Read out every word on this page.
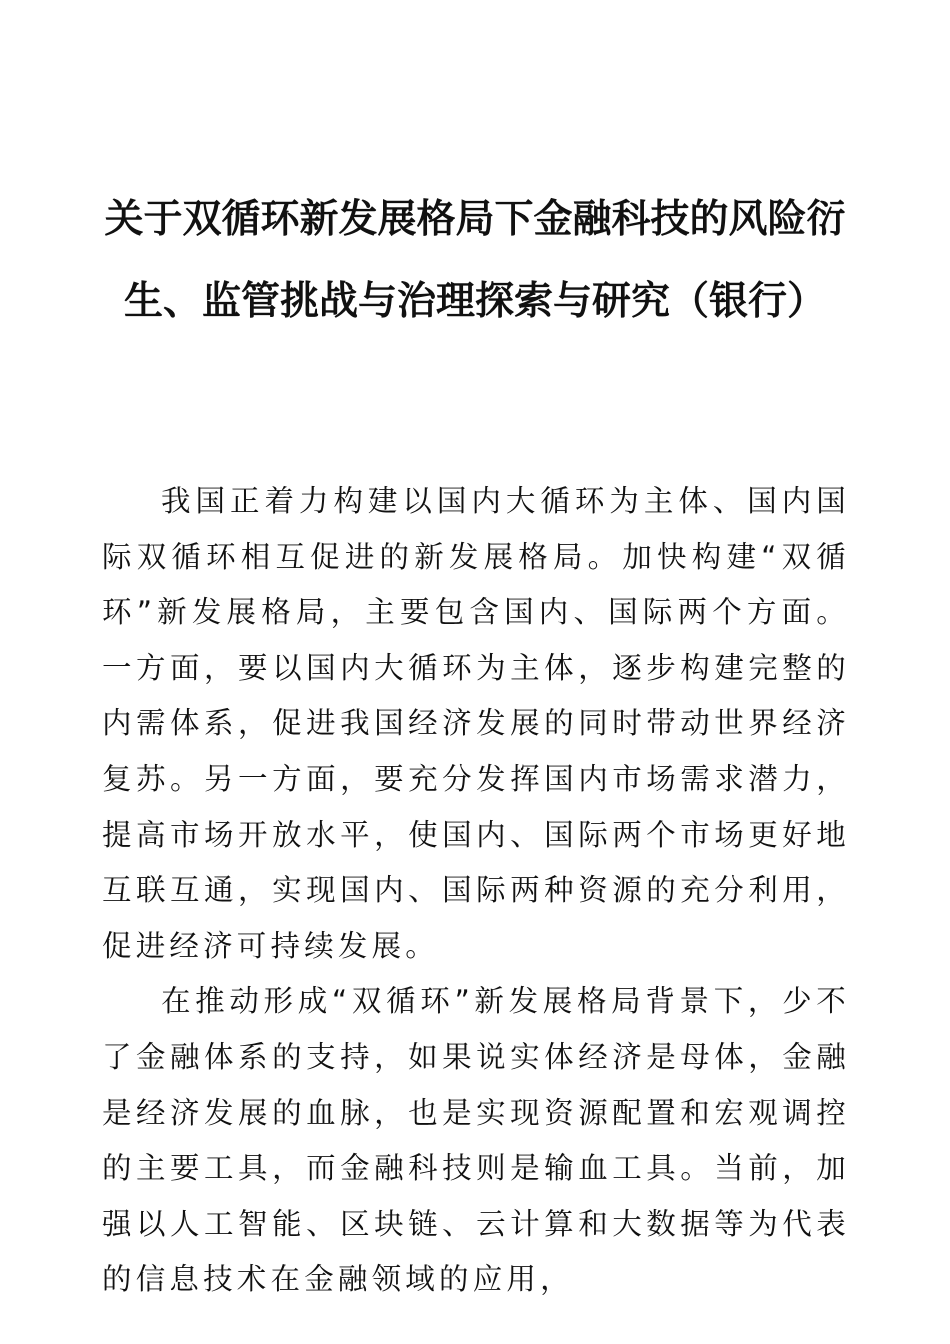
关于双循环新发展格局下金融科技的风险衍生、监管挑战与治理探索与研究（银行）

我国正着力构建以国内大循环为主体、国内国际双循环相互促进的新发展格局。加快构建“双循环”新发展格局，主要包含国内、国际两个方面。一方面，要以国内大循环为主体，逐步构建完整的内需体系，促进我国经济发展的同时带动世界经济复苏。另一方面，要充分发挥国内市场需求潜力，提高市场开放水平，使国内、国际两个市场更好地互联互通，实现国内、国际两种资源的充分利用，促进经济可持续发展。

在推动形成“双循环”新发展格局背景下，少不了金融体系的支持，如果说实体经济是母体，金融是经济发展的血脉，也是实现资源配置和宏观调控的主要工具，而金融科技则是输血工具。当前，加强以人工智能、区块链、云计算和大数据等为代表的信息技术在金融领域的应用，
